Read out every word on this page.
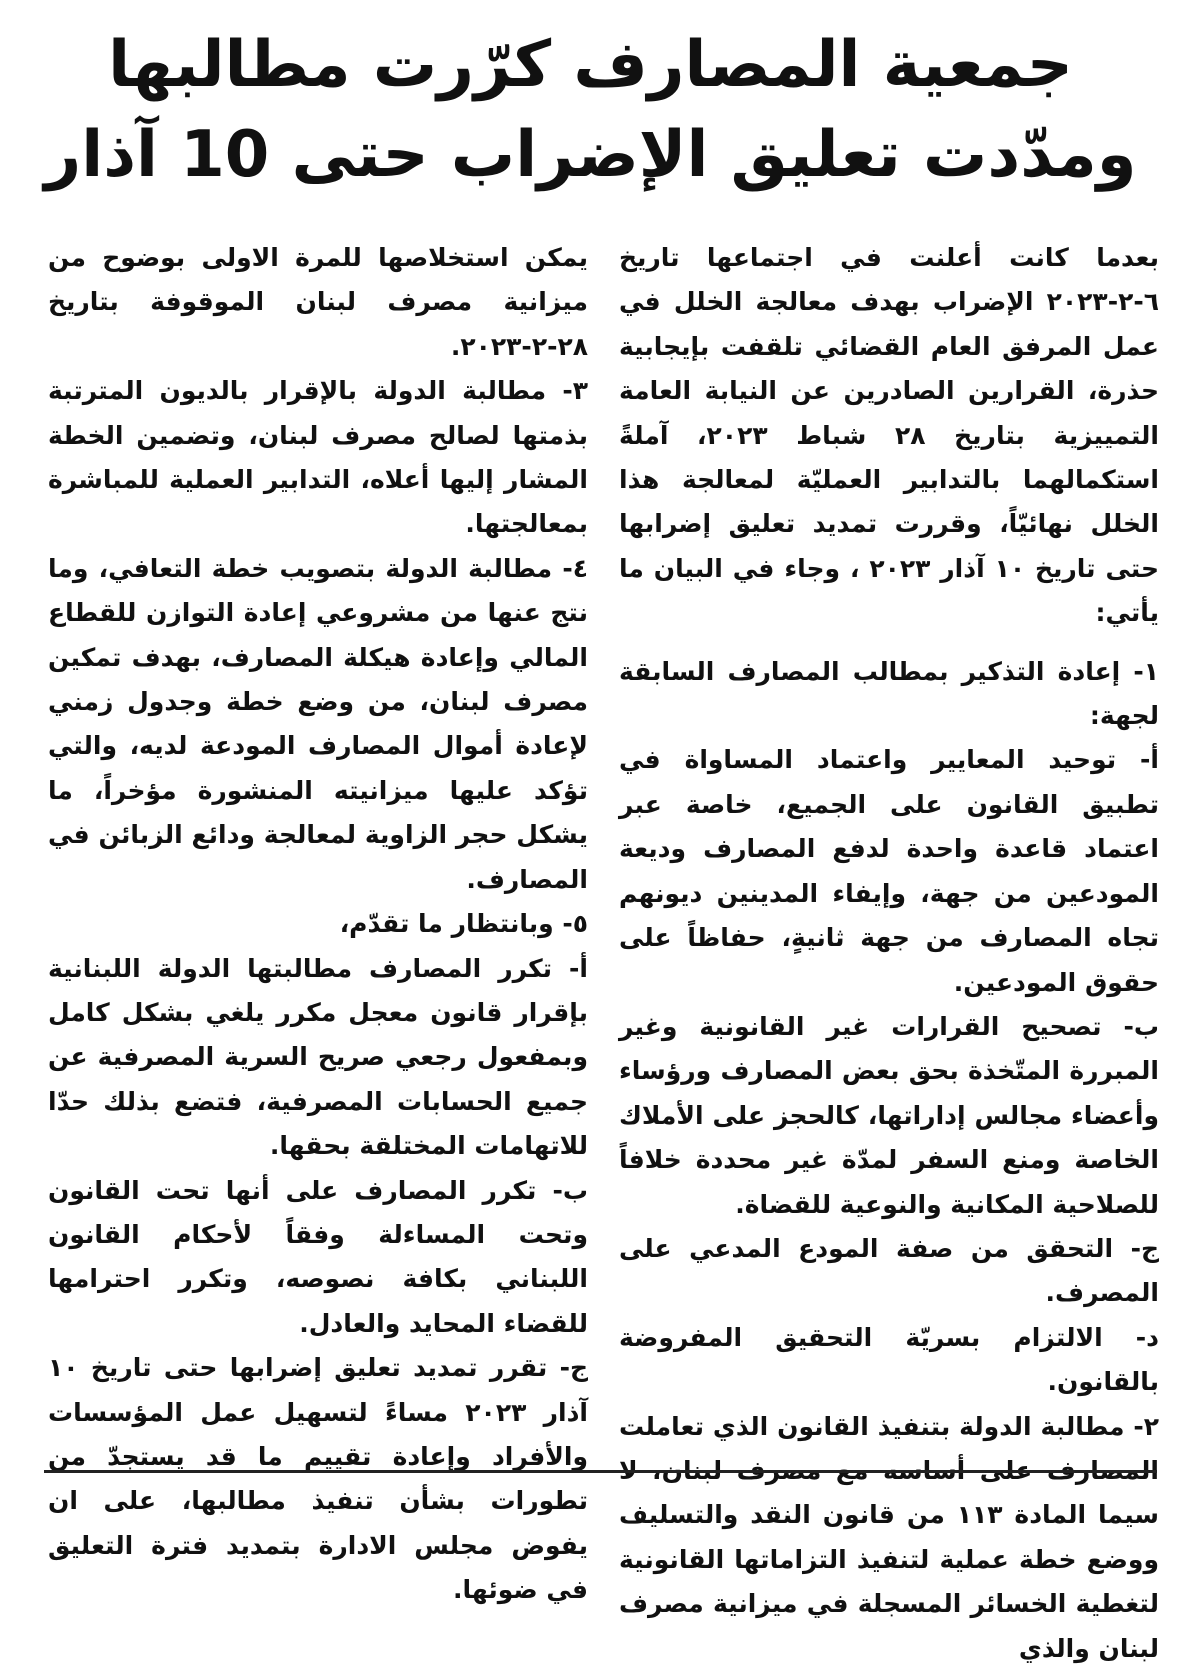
جمعية المصارف كرّرت مطالبها
ومدّدت تعليق الإضراب حتى 10 آذار

بعدما كانت أعلنت في اجتماعها تاريخ ٦-٢-٢٠٢٣ الإضراب بهدف معالجة الخلل في عمل المرفق العام القضائي تلقفت بإيجابية حذرة، القرارين الصادرين عن النيابة العامة التمييزية بتاريخ ٢٨ شباط ٢٠٢٣، آملةً استكمالهما بالتدابير العمليّة لمعالجة هذا الخلل نهائيّاً، وقررت تمديد تعليق إضرابها حتى تاريخ ١٠ آذار ٢٠٢٣ ، وجاء في البيان ما يأتي:

١- إعادة التذكير بمطالب المصارف السابقة لجهة:

أ- توحيد المعايير واعتماد المساواة في تطبيق القانون على الجميع، خاصة عبر اعتماد قاعدة واحدة لدفع المصارف وديعة المودعين من جهة، وإيفاء المدينين ديونهم تجاه المصارف من جهة ثانيةٍ، حفاظاً على حقوق المودعين.

ب- تصحيح القرارات غير القانونية وغير المبررة المتّخذة بحق بعض المصارف ورؤساء وأعضاء مجالس إداراتها، كالحجز على الأملاك الخاصة ومنع السفر لمدّة غير محددة خلافاً للصلاحية المكانية والنوعية للقضاة.

ج- التحقق من صفة المودع المدعي على المصرف.

د- الالتزام بسريّة التحقيق المفروضة بالقانون.

٢- مطالبة الدولة بتنفيذ القانون الذي تعاملت المصارف على أساسه مع مصرف لبنان، لا سيما المادة ١١٣ من قانون النقد والتسليف ووضع خطة عملية لتنفيذ التزاماتها القانونية لتغطية الخسائر المسجلة في ميزانية مصرف لبنان والذي

يمكن استخلاصها للمرة الاولى بوضوح من ميزانية مصرف لبنان الموقوفة بتاريخ ٢٨-٢-٢٠٢٣.

٣- مطالبة الدولة بالإقرار بالديون المترتبة بذمتها لصالح مصرف لبنان، وتضمين الخطة المشار إليها أعلاه، التدابير العملية للمباشرة بمعالجتها.

٤- مطالبة الدولة بتصويب خطة التعافي، وما نتج عنها من مشروعي إعادة التوازن للقطاع المالي وإعادة هيكلة المصارف، بهدف تمكين مصرف لبنان، من وضع خطة وجدول زمني لإعادة أموال المصارف المودعة لديه، والتي تؤكد عليها ميزانيته المنشورة مؤخراً، ما يشكل حجر الزاوية لمعالجة ودائع الزبائن في المصارف.

٥- وبانتظار ما تقدّم،

أ- تكرر المصارف مطالبتها الدولة اللبنانية بإقرار قانون معجل مكرر يلغي بشكل كامل وبمفعول رجعي صريح السرية المصرفية عن جميع الحسابات المصرفية، فتضع بذلك حدّا للاتهامات المختلقة بحقها.

ب- تكرر المصارف على أنها تحت القانون وتحت المساءلة وفقاً لأحكام القانون اللبناني بكافة نصوصه، وتكرر احترامها للقضاء المحايد والعادل.

ج- تقرر تمديد تعليق إضرابها حتى تاريخ ١٠ آذار ٢٠٢٣ مساءً لتسهيل عمل المؤسسات والأفراد وإعادة تقييم ما قد يستجدّ من تطورات بشأن تنفيذ مطالبها، على ان يفوض مجلس الادارة بتمديد فترة التعليق في ضوئها.
